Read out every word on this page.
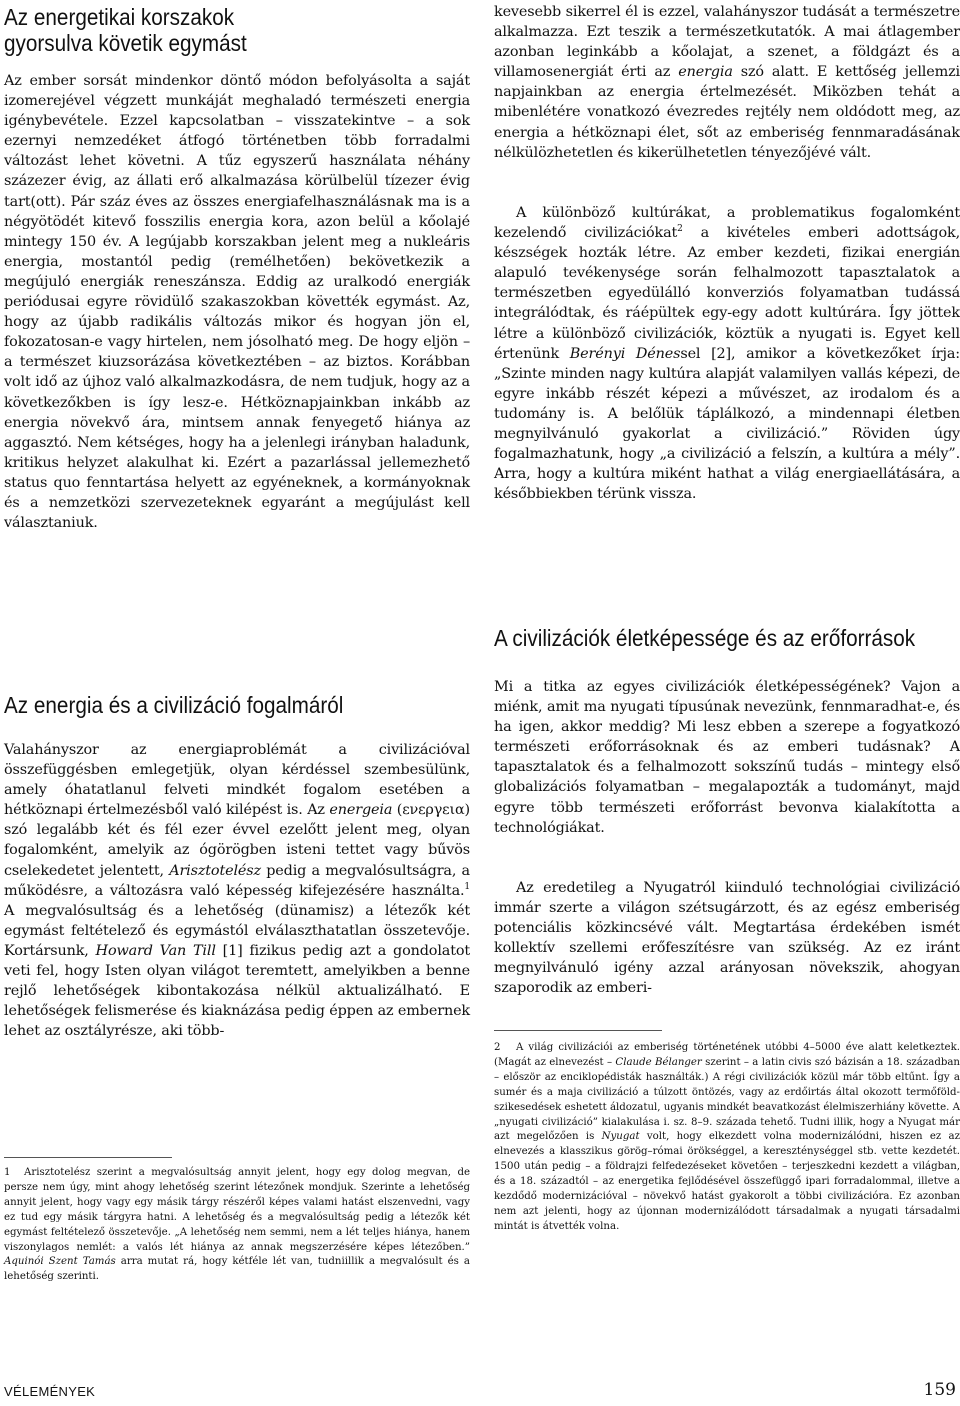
Az energetikai korszakok gyorsulva követik egymást

Az ember sorsát mindenkor döntő módon befolyásolta a saját izomerejével végzett munkáját meghaladó természeti energia igénybevétele. Ezzel kapcsolatban – visszatekintve – a sok ezernyi nemzedéket átfogó történetben több forradalmi változást lehet követni. A tűz egyszerű használata néhány százezer évig, az állati erő alkalmazása körülbelül tízezer évig tart(ott). Pár száz éves az összes energiafelhasználásnak ma is a négyötödét kitevő fosszilis energia kora, azon belül a kőolajé mintegy 150 év. A legújabb korszakban jelent meg a nukleáris energia, mostantól pedig (remélhetően) bekövetkezik a megújuló energiák reneszánsza. Eddig az uralkodó energiák periódusai egyre rövidülő szakaszokban követték egymást. Az, hogy az újabb radikális változás mikor és hogyan jön el, fokozatosan-e vagy hirtelen, nem jósolható meg. De hogy eljön – a természet kiuzsorázása következtében – az biztos. Korábban volt idő az újhoz való alkalmazkodásra, de nem tudjuk, hogy az a következőkben is így lesz-e. Hétköznapjainkban inkább az energia növekvő ára, mintsem annak fenyegető hiánya az aggasztó. Nem kétséges, hogy ha a jelenlegi irányban haladunk, kritikus helyzet alakulhat ki. Ezért a pazarlással jellemezhető status quo fenntartása helyett az egyéneknek, a kormányoknak és a nemzetközi szervezeteknek egyaránt a megújulást kell választaniuk.

Az energia és a civilizáció fogalmáról

Valahányszor az energiaproblémát a civilizációval összefüggésben emlegetjük, olyan kérdéssel szembesülünk, amely óhatatlanul felveti mindkét fogalom esetében a hétköznapi értelmezésből való kilépést is. Az energeia (ενεργεια) szó legalább két és fél ezer évvel ezelőtt jelent meg, olyan fogalomként, amelyik az ógörögben isteni tettet vagy bűvös cselekedetet jelentett, Arisztotelész pedig a megvalósultságra, a működésre, a változásra való képesség kifejezésére használta.$^1$ A megvalósultság és a lehetőség (dünamisz) a létezők két egymást feltételező és egymástól elválaszthatatlan összetevője. Kortársunk, Howard Van Till [1] fizikus pedig azt a gondolatot veti fel, hogy Isten olyan világot teremtett, amelyikben a benne rejlő lehetőségek kibontakozása nélkül aktualizálható. E lehetőségek felismerése és kiaknázása pedig éppen az embernek lehet az osztályrésze, aki több-

1 Arisztotelész szerint a megvalósultság annyit jelent, hogy egy dolog megvan, de persze nem úgy, mint ahogy lehetőség szerint létezőnek mondjuk. Szerinte a lehetőség annyit jelent, hogy vagy egy másik tárgy részéről képes valami hatást elszenvedni, vagy ez tud egy másik tárgyra hatni. A lehetőség és a megvalósultság pedig a létezők két egymást feltételező összetevője. „A lehetőség nem semmi, nem a lét teljes hiánya, hanem viszonylagos nemlét: a valós lét hiánya az annak megszerzésére képes létezőben.” Aquinói Szent Tamás arra mutat rá, hogy kétféle lét van, tudniillik a megvalósult és a lehetőség szerinti.

kevesebb sikerrel él is ezzel, valahányszor tudását a természetre alkalmazza. Ezt teszik a természetkutatók. A mai átlagember azonban leginkább a kőolajat, a szenet, a földgázt és a villamosenergiát érti az energia szó alatt. E kettőség jellemzi napjainkban az energia értelmezését. Miközben tehát a mibenlétére vonatkozó évezredes rejtély nem oldódott meg, az energia a hétköznapi élet, sőt az emberiség fennmaradásának nélkülözhetetlen és kikerülhetetlen tényezőjévé vált.

A különböző kultúrákat, a problematikus fogalomként kezelendő civilizációkat$^2$ a kivételes emberi adottságok, készségek hozták létre. Az ember kezdeti, fizikai energián alapuló tevékenysége során felhalmozott tapasztalatok a természetben egyedülálló konverziós folyamatban tudássá integrálódtak, és ráépültek egy-egy adott kultúrára. Így jöttek létre a különböző civilizációk, köztük a nyugati is. Egyet kell értenünk Berényi Dénessel [2], amikor a következőket írja: „Szinte minden nagy kultúra alapját valamilyen vallás képezi, de egyre inkább részét képezi a művészet, az irodalom és a tudomány is. A belőlük táplálkozó, a mindennapi életben megnyilvánuló gyakorlat a civilizáció.” Röviden úgy fogalmazhatunk, hogy „a civilizáció a felszín, a kultúra a mély”. Arra, hogy a kultúra miként hathat a világ energiaellátására, a későbbiekben térünk vissza.

A civilizációk életképessége és az erőforrások

Mi a titka az egyes civilizációk életképességének? Vajon a miénk, amit ma nyugati típusúnak nevezünk, fennmaradhat-e, és ha igen, akkor meddig? Mi lesz ebben a szerepe a fogyatkozó természeti erőforrásoknak és az emberi tudásnak? A tapasztalatok és a felhalmozott sokszínű tudás – mintegy első globalizációs folyamatban – megalapozták a tudományt, majd egyre több természeti erőforrást bevonva kialakította a technológiákat.

Az eredetileg a Nyugatról kiinduló technológiai civilizáció immár szerte a világon szétsugárzott, és az egész emberiség potenciális közkincsévé vált. Megtartása érdekében ismét kollektív szellemi erőfeszítésre van szükség. Az ez iránt megnyilvánuló igény azzal arányosan növekszik, ahogyan szaporodik az emberi-

2 A világ civilizációi az emberiség történetének utóbbi 4–5000 éve alatt keletkeztek. (Magát az elnevezést – Claude Bélanger szerint – a latin civis szó bázisán a 18. században – először az enciklopédisták használták.) A régi civilizációk közül már több eltűnt. Így a sumér és a maja civilizáció a túlzott öntözés, vagy az erdőirtás által okozott termőföld-szikesedések eshetett áldozatul, ugyanis mindkét beavatkozást élelmiszerhiány követte. A „nyugati civilizáció” kialakulása i. sz. 8–9. százada tehető. Tudni illik, hogy a Nyugat már azt megelőzően is Nyugat volt, hogy elkezdett volna modernizálódni, hiszen ez az elnevezés a klasszikus görög–római örökséggel, a kereszténységgel stb. vette kezdetét. 1500 után pedig – a földrajzi felfedezéseket követően – terjeszkedni kezdett a világban, és a 18. századtól – az energetika fejlődésével összefüggő ipari forradalommal, illetve a kezdődő modernizációval – növekvő hatást gyakorolt a többi civilizációra. Ez azonban nem azt jelenti, hogy az újonnan modernizálódott társadalmak a nyugati társadalmi mintát is átvették volna.

VÉLEMÉNYEK	159
